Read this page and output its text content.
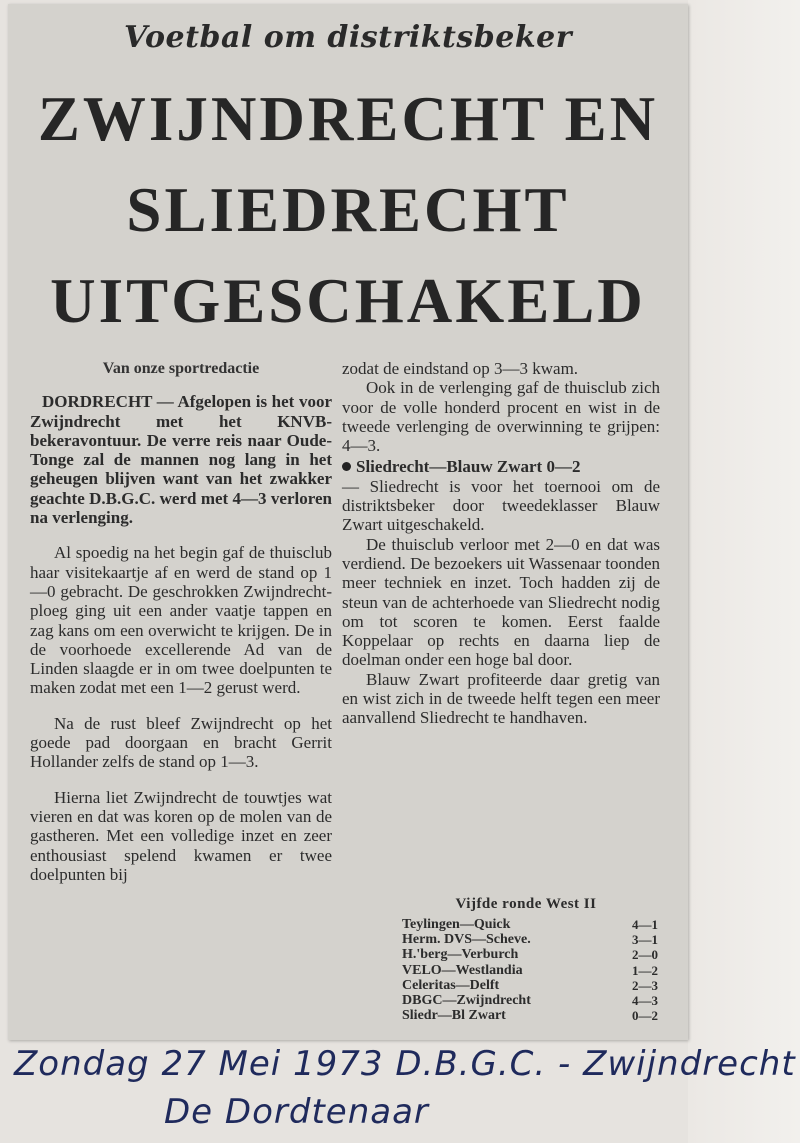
Voetbal om distriktsbeker
ZWIJNDRECHT EN
SLIEDRECHT
UITGESCHAKELD
Van onze sportredactie

DORDRECHT — Afgelopen is het voor Zwijndrecht met het KNVB-bekeravontuur. De verre reis naar Oude-Tonge zal de mannen nog lang in het geheugen blijven want van het zwakker geachte D.B.G.C. werd met 4—3 verloren na verlenging.

Al spoedig na het begin gaf de thuisclub haar visitekaartje af en werd de stand op 1—0 gebracht. De geschrokken Zwijndrecht-ploeg ging uit een ander vaatje tappen en zag kans om een overwicht te krijgen. De in de voorhoede excellerende Ad van de Linden slaagde er in om twee doelpunten te maken zodat met een 1—2 gerust werd.

Na de rust bleef Zwijndrecht op het goede pad doorgaan en bracht Gerrit Hollander zelfs de stand op 1—3.

Hierna liet Zwijndrecht de touwtjes wat vieren en dat was koren op de molen van de gastheren. Met een volledige inzet en zeer enthousiast spelend kwamen er twee doelpunten bij

zodat de eindstand op 3—3 kwam.

Ook in de verlenging gaf de thuisclub zich voor de volle honderd procent en wist in de tweede verlenging de overwinning te grijpen: 4—3.

Sliedrecht—Blauw Zwart 0—2

— Sliedrecht is voor het toernooi om de distriktsbeker door tweedeklasser Blauw Zwart uitgeschakeld.

De thuisclub verloor met 2—0 en dat was verdiend. De bezoekers uit Wassenaar toonden meer techniek en inzet. Toch hadden zij de steun van de achterhoede van Sliedrecht nodig om tot scoren te komen. Eerst faalde Koppelaar op rechts en daarna liep de doelman onder een hoge bal door.

Blauw Zwart profiteerde daar gretig van en wist zich in de tweede helft tegen een meer aanvallend Sliedrecht te handhaven.

Vijfde ronde West II
Teylingen—Quick	4—1
Herm. DVS—Scheve.	3—1
H.'berg—Verburch	2—0
VELO—Westlandia	1—2
Celeritas—Delft	2—3
DBGC—Zwijndrecht	4—3
Sliedr—Bl Zwart	0—2
Zondag 27 Mei 1973 D.B.G.C. - Zwijndrecht
De Dordtenaar
